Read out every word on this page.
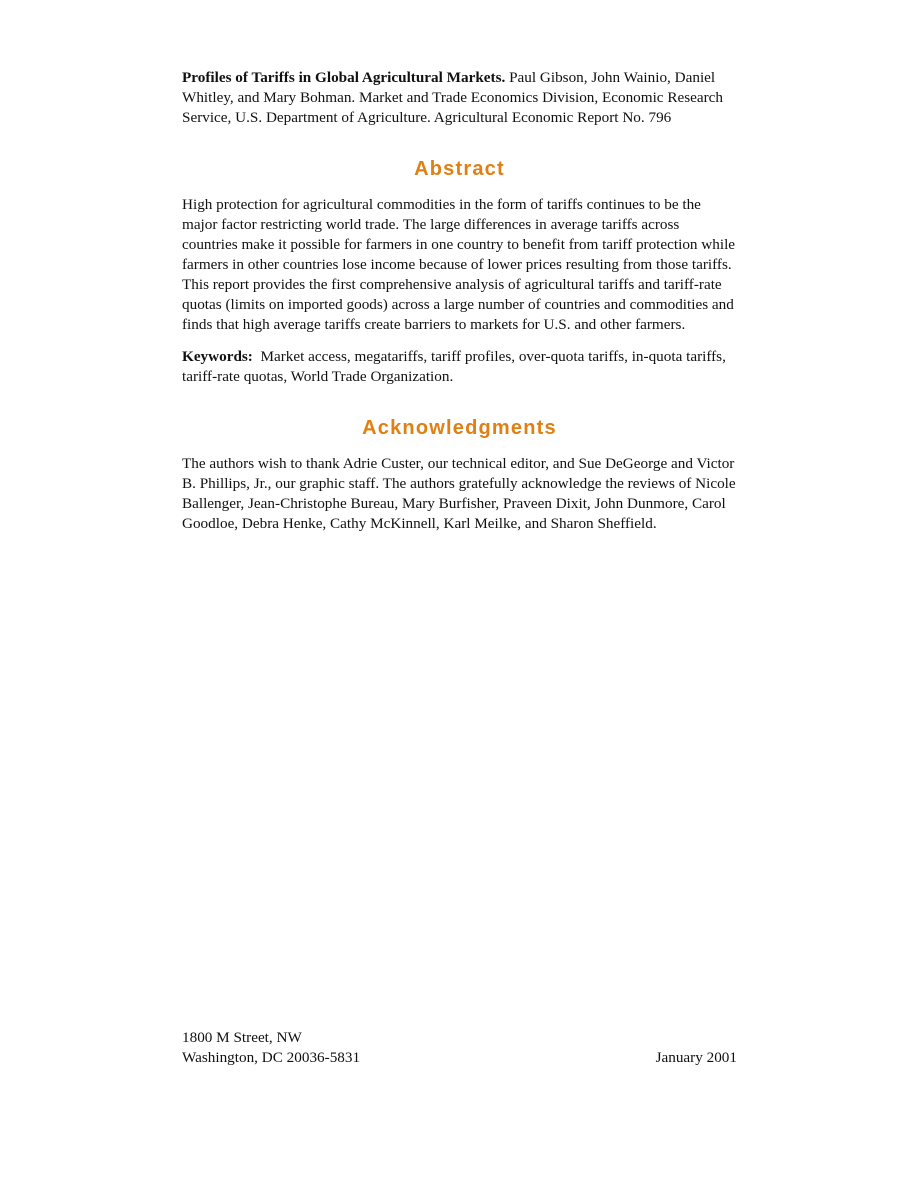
Profiles of Tariffs in Global Agricultural Markets. Paul Gibson, John Wainio, Daniel Whitley, and Mary Bohman. Market and Trade Economics Division, Economic Research Service, U.S. Department of Agriculture. Agricultural Economic Report No. 796

Abstract

High protection for agricultural commodities in the form of tariffs continues to be the major factor restricting world trade. The large differences in average tariffs across countries make it possible for farmers in one country to benefit from tariff protection while farmers in other countries lose income because of lower prices resulting from those tariffs. This report provides the first comprehensive analysis of agricultural tariffs and tariff-rate quotas (limits on imported goods) across a large number of countries and commodities and finds that high average tariffs create barriers to markets for U.S. and other farmers.

Keywords: Market access, megatariffs, tariff profiles, over-quota tariffs, in-quota tariffs, tariff-rate quotas, World Trade Organization.

Acknowledgments

The authors wish to thank Adrie Custer, our technical editor, and Sue DeGeorge and Victor B. Phillips, Jr., our graphic staff. The authors gratefully acknowledge the reviews of Nicole Ballenger, Jean-Christophe Bureau, Mary Burfisher, Praveen Dixit, John Dunmore, Carol Goodloe, Debra Henke, Cathy McKinnell, Karl Meilke, and Sharon Sheffield.

1800 M Street, NW
Washington, DC 20036-5831	January 2001
